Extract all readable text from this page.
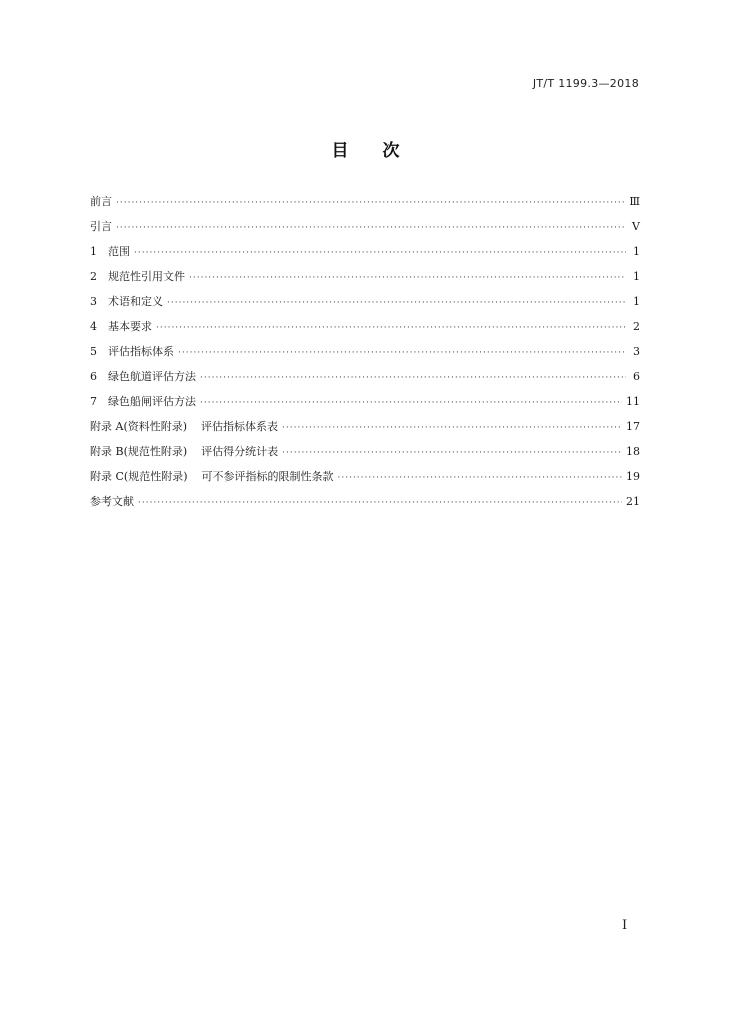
JT/T 1199.3—2018
目 次
前言 ·····	Ⅲ
引言 ·····	Ⅴ
1	范围 ·····	1
2	规范性引用文件 ·····	1
3	术语和定义 ·····	1
4	基本要求 ·····	2
5	评估指标体系 ·····	3
6	绿色航道评估方法 ·····	6
7	绿色船闸评估方法 ·····	11
附录 A(资料性附录) 评估指标体系表 ·····	17
附录 B(规范性附录) 评估得分统计表 ·····	18
附录 C(规范性附录) 可不参评指标的限制性条款 ·····	19
参考文献 ·····	21
I
